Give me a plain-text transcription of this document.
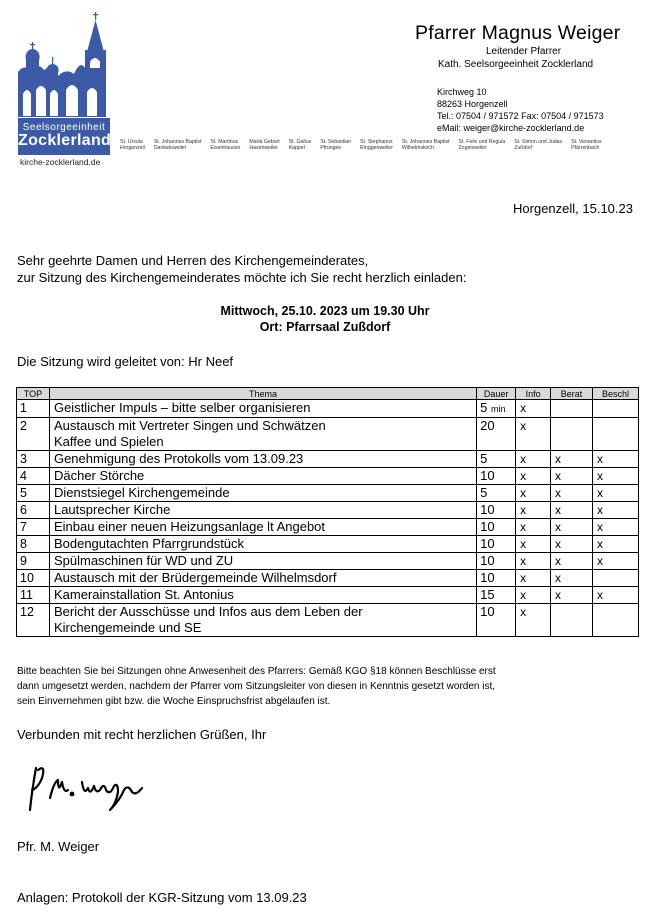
Seelsorgeeinheit
Zocklerland
kirche-zocklerland.de
St. Ursula
Horgenzell
St. Johannes Baptist
Danketsweiler
St. Martinus
Eisenhausen
Mariä Geburt
Hasenweiler
St. Gallus
Kappel
St. Sebastian
Pfrungen
St. Stephanus
Ringgenweiler
St. Johannes Baptist
Wilhelmskirch
St. Felix und Regula
Zogenweiler
St. Simon und Judas
Zußdorf
St. Venantius
Pfärrenbach
Pfarrer Magnus Weiger
Leitender Pfarrer
Kath. Seelsorgeeinheit Zocklerland
Kirchweg 10
88263 Horgenzell
Tel.: 07504 / 971572 Fax: 07504 / 971573
eMail: weiger@kirche-zocklerland.de
Horgenzell, 15.10.23
Sehr geehrte Damen und Herren des Kirchengemeinderates,
zur Sitzung des Kirchengemeinderates möchte ich Sie recht herzlich einladen:
Mittwoch, 25.10. 2023 um 19.30 Uhr
Ort: Pfarrsaal Zußdorf
Die Sitzung wird geleitet von: Hr Neef
TOP	Thema	Dauer	Info	Berat	Beschl
1	Geistlicher Impuls – bitte selber organisieren	5 min	x		
2	Austausch mit Vertreter Singen und Schwätzen
Kaffee und Spielen	20	x		
3	Genehmigung des Protokolls vom 13.09.23	5	x	x	x
4	Dächer Störche	10	x	x	x
5	Dienstsiegel Kirchengemeinde	5	x	x	x
6	Lautsprecher Kirche	10	x	x	x
7	Einbau einer neuen Heizungsanlage lt Angebot	10	x	x	x
8	Bodengutachten Pfarrgrundstück	10	x	x	x
9	Spülmaschinen für WD und ZU	10	x	x	x
10	Austausch mit der Brüdergemeinde Wilhelmsdorf	10	x	x	
11	Kamerainstallation St. Antonius	15	x	x	x
12	Bericht der Ausschüsse und Infos aus dem Leben der
Kirchengemeinde und SE	10	x		
Bitte beachten Sie bei Sitzungen ohne Anwesenheit des Pfarrers: Gemäß KGO §18 können Beschlüsse erst
dann umgesetzt werden, nachdem der Pfarrer vom Sitzungsleiter von diesen in Kenntnis gesetzt worden ist,
sein Einvernehmen gibt bzw. die Woche Einspruchsfrist abgelaufen ist.
Verbunden mit recht herzlichen Grüßen, Ihr
Pfr. M. Weiger
Anlagen: Protokoll der KGR-Sitzung vom 13.09.23
